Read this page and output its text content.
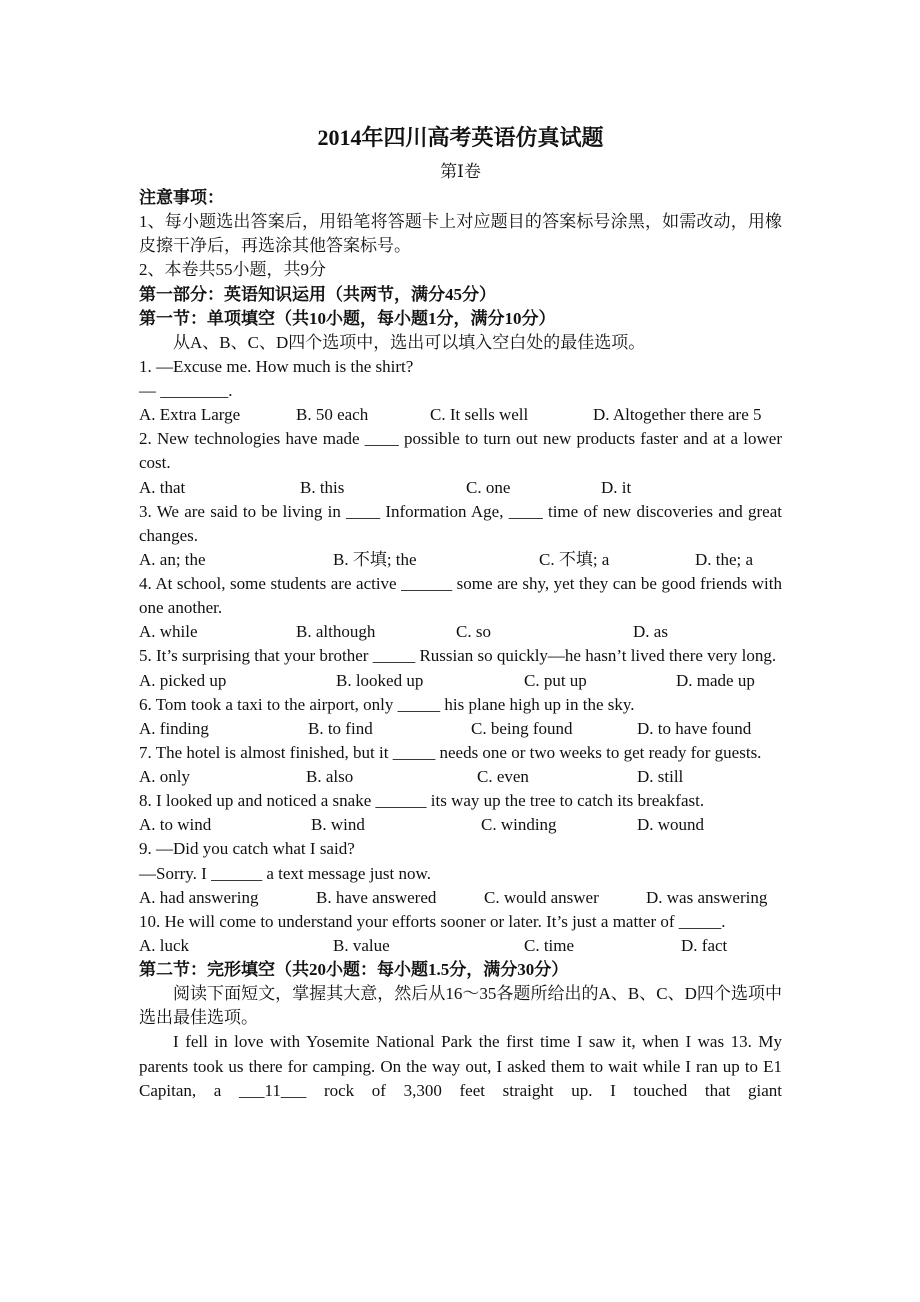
2014年四川高考英语仿真试题
第Ⅰ卷
注意事项：
1、每小题选出答案后，用铅笔将答题卡上对应题目的答案标号涂黑，如需改动，用橡皮擦干净后，再选涂其他答案标号。
2、本卷共55小题，共9分
第一部分：英语知识运用（共两节，满分45分）
第一节：单项填空（共10小题，每小题1分，满分10分）
从A、B、C、D四个选项中，选出可以填入空白处的最佳选项。
1. —Excuse me. How much is the shirt?
— ________.
A. Extra Large	B. 50 each	C. It sells well	D. Altogether there are 5
2. New technologies have made ____ possible to turn out new products faster and at a lower cost.
A. that	B. this	C. one	D. it
3. We are said to be living in ____ Information Age, ____ time of new discoveries and great changes.
A. an; the	B. 不填; the	C. 不填; a	D. the; a
4. At school, some students are active ______ some are shy, yet they can be good friends with one another.
A. while	B. although	C. so	D. as
5. It’s surprising that your brother _____ Russian so quickly—he hasn’t lived there very long.
A. picked up	B. looked up	C. put up	D. made up
6. Tom took a taxi to the airport, only _____ his plane high up in the sky.
A. finding	B. to find	C. being found	D. to have found
7. The hotel is almost finished, but it _____ needs one or two weeks to get ready for guests.
A. only	B. also	C. even	D. still
8. I looked up and noticed a snake ______ its way up the tree to catch its breakfast.
A. to wind	B. wind	C. winding	D. wound
9. —Did you catch what I said?
—Sorry. I ______ a text message just now.
A. had answering	B. have answered	C. would answer	D. was answering
10. He will come to understand your efforts sooner or later. It’s just a matter of _____.
A. luck	B. value	C. time	D. fact
第二节：完形填空（共20小题：每小题1.5分，满分30分）
阅读下面短文，掌握其大意，然后从16～35各题所给出的A、B、C、D四个选项中选出最佳选项。
I fell in love with Yosemite National Park the first time I saw it, when I was 13. My parents took us there for camping. On the way out, I asked them to wait while I ran up to E1 Capitan, a ___11___ rock of 3,300 feet straight up. I touched that giant
